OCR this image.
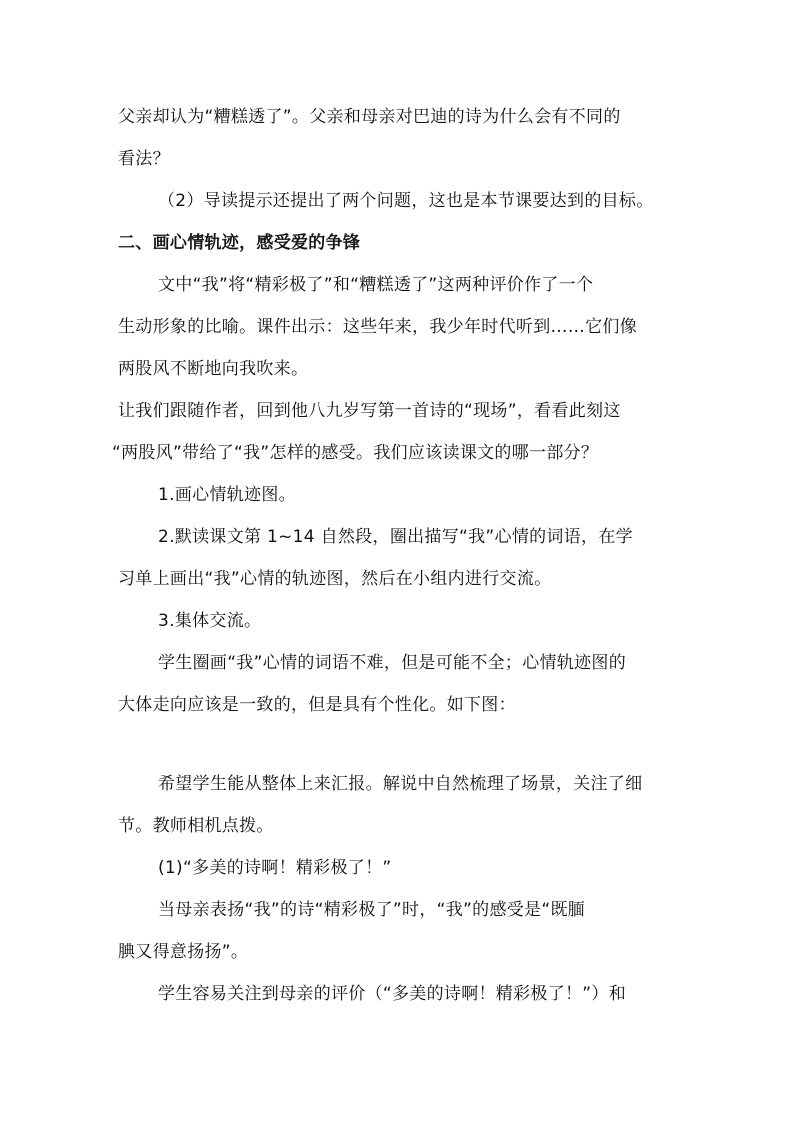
父亲却认为“糟糕透了”。父亲和母亲对巴迪的诗为什么会有不同的
看法？
（2）导读提示还提出了两个问题，这也是本节课要达到的目标。
二、画心情轨迹，感受爱的争锋
文中“我”将“精彩极了”和“糟糕透了”这两种评价作了一个
生动形象的比喻。课件出示：这些年来，我少年时代听到……它们像
两股风不断地向我吹来。
让我们跟随作者，回到他八九岁写第一首诗的“现场”，看看此刻这
“两股风”带给了“我”怎样的感受。我们应该读课文的哪一部分？
1.画心情轨迹图。
2.默读课文第 1~14 自然段，圈出描写“我”心情的词语，在学
习单上画出“我”心情的轨迹图，然后在小组内进行交流。
3.集体交流。
学生圈画“我”心情的词语不难，但是可能不全；心情轨迹图的
大体走向应该是一致的，但是具有个性化。如下图：
希望学生能从整体上来汇报。解说中自然梳理了场景，关注了细
节。教师相机点拨。
(1)“多美的诗啊！精彩极了！”
当母亲表扬“我”的诗“精彩极了”时，“我”的感受是“既腼
腆又得意扬扬”。
学生容易关注到母亲的评价（“多美的诗啊！精彩极了！”）和
